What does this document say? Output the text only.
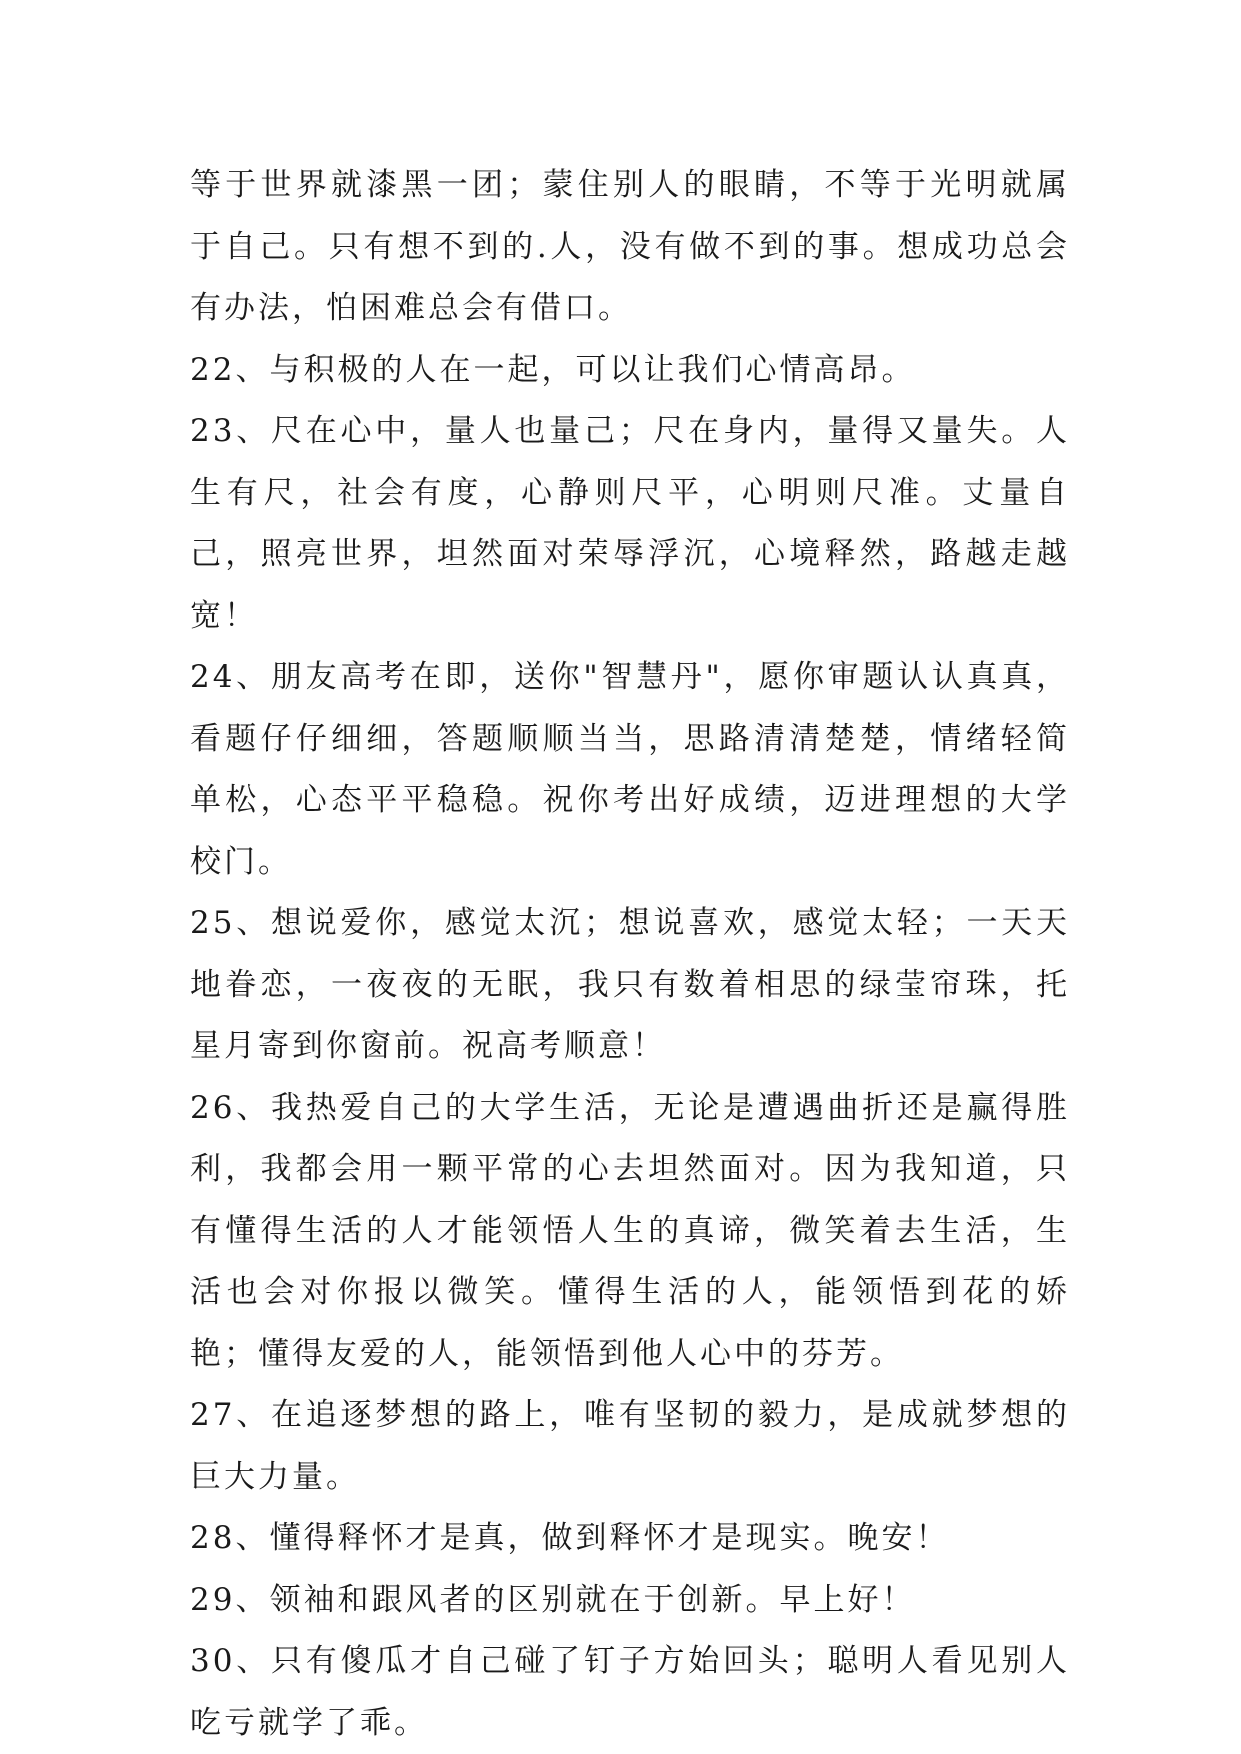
等于世界就漆黑一团；蒙住别人的眼睛，不等于光明就属于自己。只有想不到的.人，没有做不到的事。想成功总会有办法，怕困难总会有借口。

22、与积极的人在一起，可以让我们心情高昂。

23、尺在心中，量人也量己；尺在身内，量得又量失。人生有尺，社会有度，心静则尺平，心明则尺准。丈量自己，照亮世界，坦然面对荣辱浮沉，心境释然，路越走越宽！

24、朋友高考在即，送你"智慧丹"，愿你审题认认真真，看题仔仔细细，答题顺顺当当，思路清清楚楚，情绪轻简单松，心态平平稳稳。祝你考出好成绩，迈进理想的大学校门。

25、想说爱你，感觉太沉；想说喜欢，感觉太轻；一天天地眷恋，一夜夜的无眠，我只有数着相思的绿莹帘珠，托星月寄到你窗前。祝高考顺意！

26、我热爱自己的大学生活，无论是遭遇曲折还是赢得胜利，我都会用一颗平常的心去坦然面对。因为我知道，只有懂得生活的人才能领悟人生的真谛，微笑着去生活，生活也会对你报以微笑。懂得生活的人，能领悟到花的娇艳；懂得友爱的人，能领悟到他人心中的芬芳。

27、在追逐梦想的路上，唯有坚韧的毅力，是成就梦想的巨大力量。

28、懂得释怀才是真，做到释怀才是现实。晚安！

29、领袖和跟风者的区别就在于创新。早上好！

30、只有傻瓜才自己碰了钉子方始回头；聪明人看见别人吃亏就学了乖。
